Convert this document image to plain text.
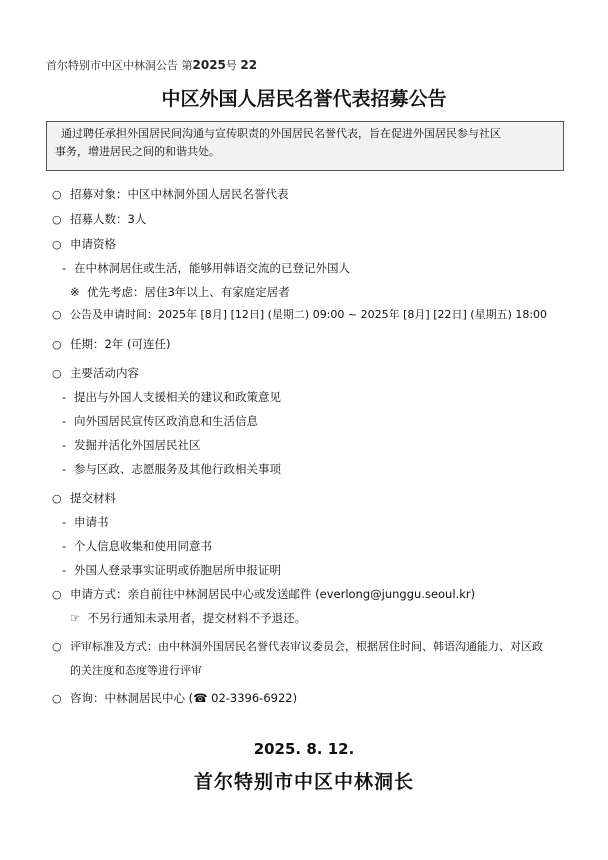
首尔特别市中区中林洞公告 第2025号 22
中区外国人居民名誉代表招募公告
通过聘任承担外国居民间沟通与宣传职责的外国居民名誉代表，旨在促进外国居民参与社区
事务，增进居民之间的和谐共处。
○ 招募对象：中区中林洞外国人居民名誉代表
○ 招募人数：3人
○ 申请资格
- 在中林洞居住或生活，能够用韩语交流的已登记外国人
※ 优先考虑：居住3年以上、有家庭定居者
○ 公告及申请时间：2025年 [8月] [12日] (星期二) 09:00 ~ 2025年 [8月] [22日] (星期五) 18:00
○ 任期：2年 (可连任)
○ 主要活动内容
- 提出与外国人支援相关的建议和政策意见
- 向外国居民宣传区政消息和生活信息
- 发掘并活化外国居民社区
- 参与区政、志愿服务及其他行政相关事项
○ 提交材料
- 申请书
- 个人信息收集和使用同意书
- 外国人登录事实证明或侨胞居所申报证明
○ 申请方式：亲自前往中林洞居民中心或发送邮件 (everlong@junggu.seoul.kr)
☞ 不另行通知未录用者，提交材料不予退还。
○ 评审标准及方式：由中林洞外国居民名誉代表审议委员会，根据居住时间、韩语沟通能力、对区政
的关注度和态度等进行评审
○ 咨询：中林洞居民中心 (☎ 02-3396-6922)
2025. 8. 12.
首尔特别市中区中林洞长
